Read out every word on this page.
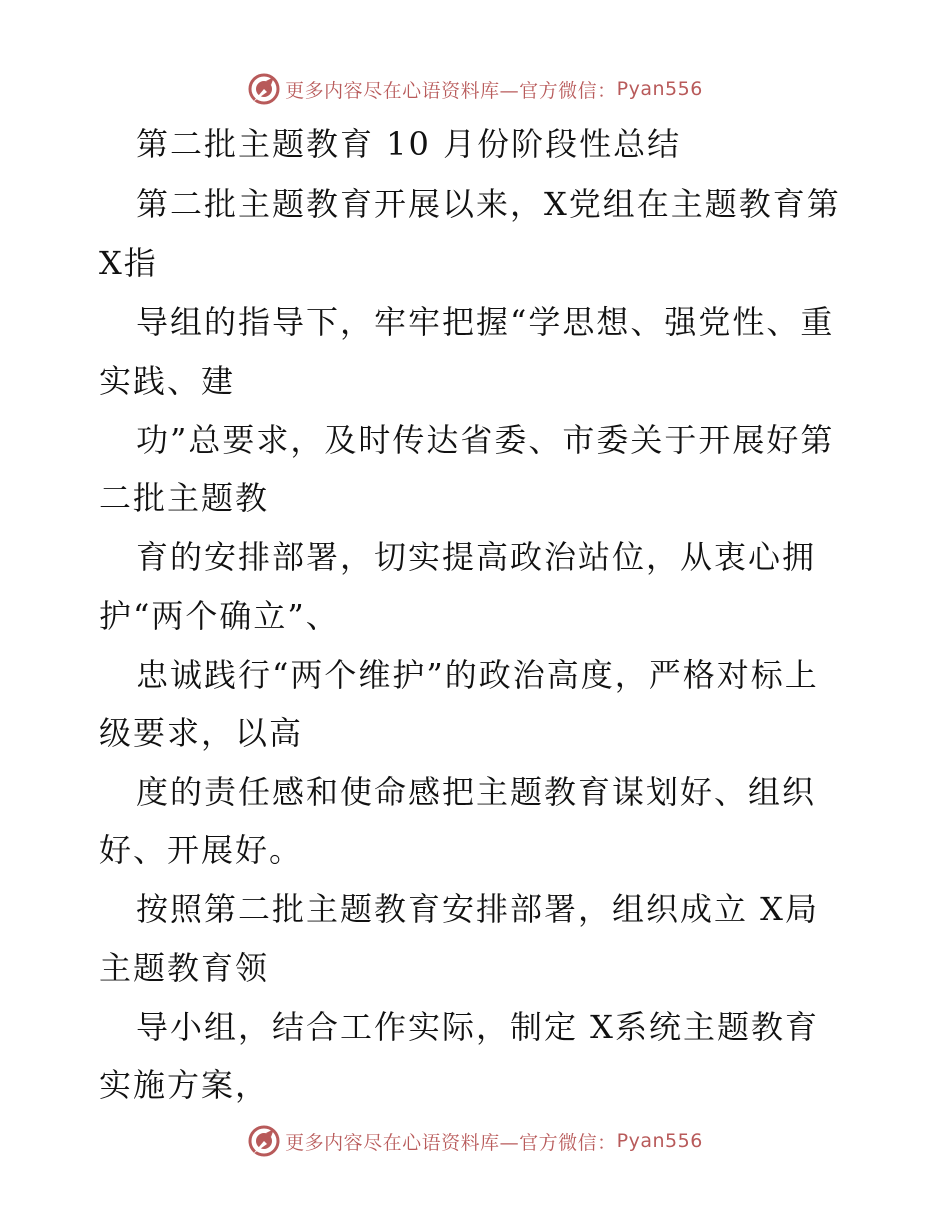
更多内容尽在心语资料库—官方微信： Pyan556
第二批主题教育 10 月份阶段性总结
第二批主题教育开展以来，X党组在主题教育第
X指
导组的指导下，牢牢把握“学思想、强党性、重
实践、建
功”总要求，及时传达省委、市委关于开展好第
二批主题教
育的安排部署，切实提高政治站位，从衷心拥
护“两个确立”、
忠诚践行“两个维护”的政治高度，严格对标上
级要求，以高
度的责任感和使命感把主题教育谋划好、组织
好、开展好。
按照第二批主题教育安排部署，组织成立 X局
主题教育领
导小组，结合工作实际，制定 X系统主题教育
实施方案，
更多内容尽在心语资料库—官方微信： Pyan556
